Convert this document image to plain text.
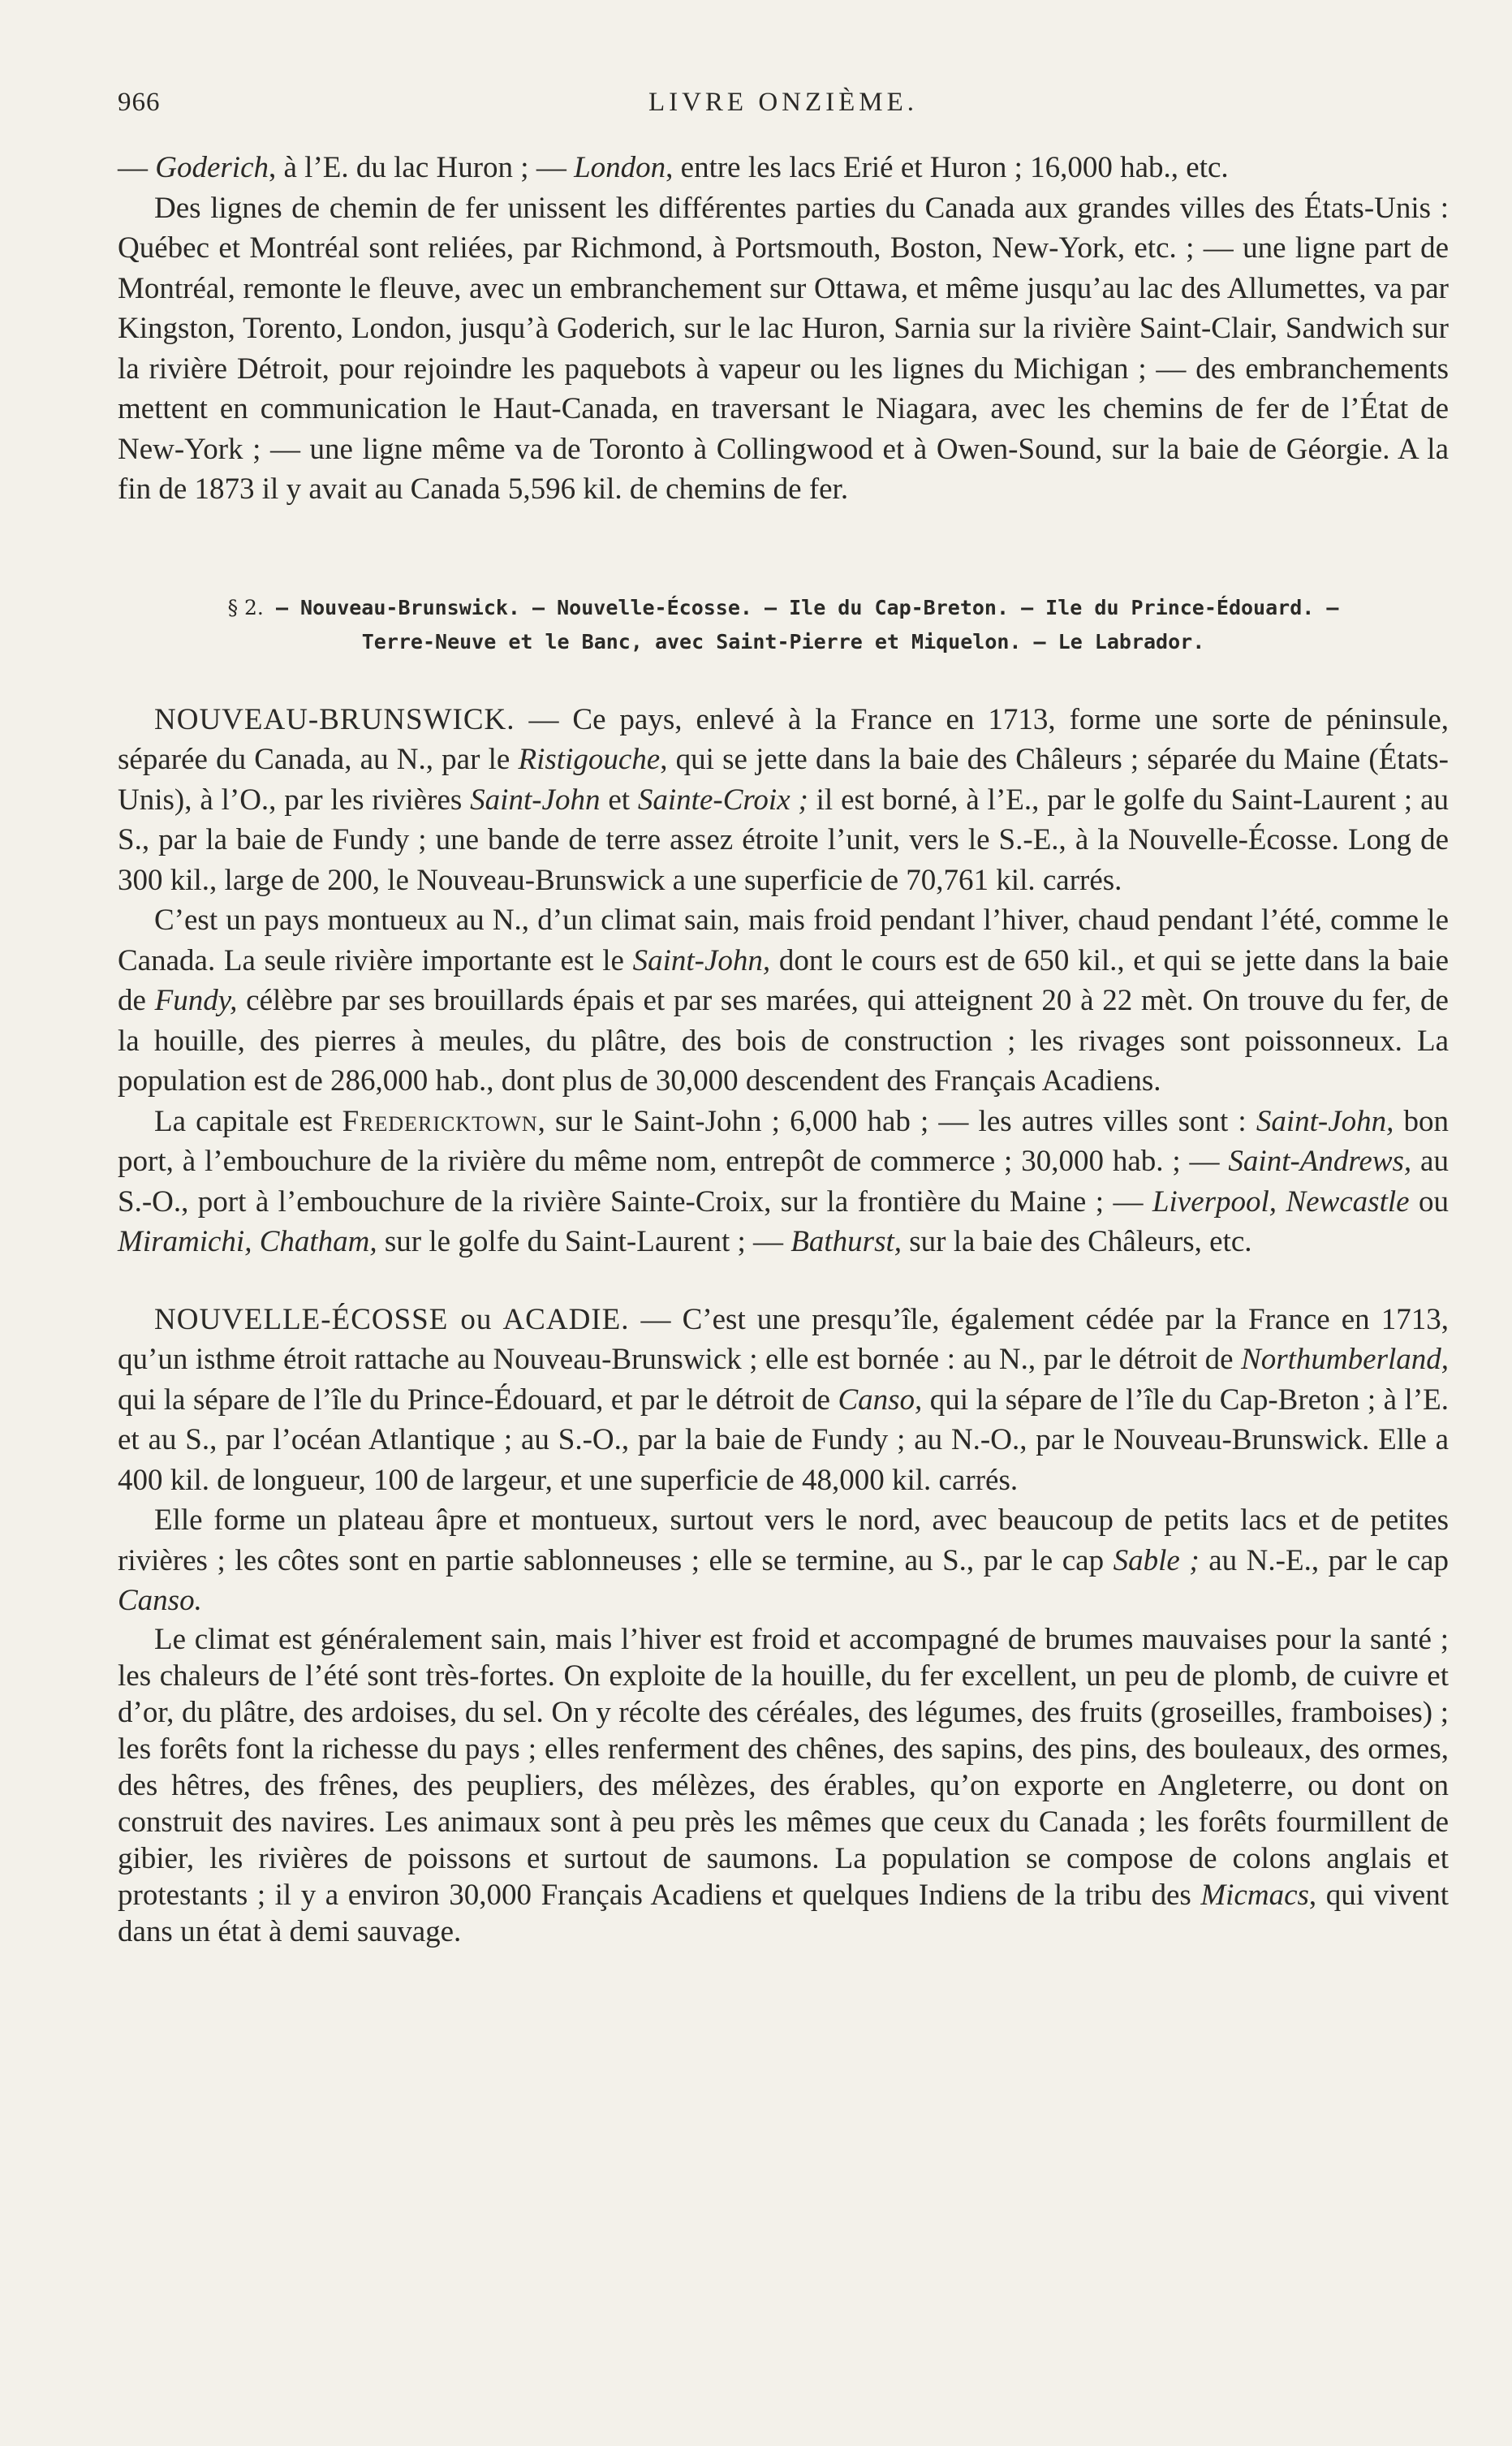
966	LIVRE ONZIÈME.

— Goderich, à l’E. du lac Huron ; — London, entre les lacs Erié et Huron ; 16,000 hab., etc.

Des lignes de chemin de fer unissent les différentes parties du Canada aux grandes villes des États-Unis : Québec et Montréal sont reliées, par Richmond, à Portsmouth, Boston, New-York, etc. ; — une ligne part de Montréal, remonte le fleuve, avec un embranchement sur Ottawa, et même jusqu’au lac des Allumettes, va par Kingston, Torento, London, jusqu’à Goderich, sur le lac Huron, Sarnia sur la rivière Saint-Clair, Sandwich sur la rivière Détroit, pour rejoindre les paquebots à vapeur ou les lignes du Michigan ; — des embranchements mettent en communication le Haut-Canada, en traversant le Niagara, avec les chemins de fer de l’État de New-York ; — une ligne même va de Toronto à Collingwood et à Owen-Sound, sur la baie de Géorgie. A la fin de 1873 il y avait au Canada 5,596 kil. de chemins de fer.

§ 2. — Nouveau-Brunswick. — Nouvelle-Écosse. — Ile du Cap-Breton. — Ile du Prince-Édouard. —
Terre-Neuve et le Banc, avec Saint-Pierre et Miquelon. — Le Labrador.

NOUVEAU-BRUNSWICK. — Ce pays, enlevé à la France en 1713, forme une sorte de péninsule, séparée du Canada, au N., par le Ristigouche, qui se jette dans la baie des Châleurs ; séparée du Maine (États-Unis), à l’O., par les rivières Saint-John et Sainte-Croix ; il est borné, à l’E., par le golfe du Saint-Laurent ; au S., par la baie de Fundy ; une bande de terre assez étroite l’unit, vers le S.-E., à la Nouvelle-Écosse. Long de 300 kil., large de 200, le Nouveau-Brunswick a une superficie de 70,761 kil. carrés.

C’est un pays montueux au N., d’un climat sain, mais froid pendant l’hiver, chaud pendant l’été, comme le Canada. La seule rivière importante est le Saint-John, dont le cours est de 650 kil., et qui se jette dans la baie de Fundy, célèbre par ses brouillards épais et par ses marées, qui atteignent 20 à 22 mèt. On trouve du fer, de la houille, des pierres à meules, du plâtre, des bois de construction ; les rivages sont poissonneux. La population est de 286,000 hab., dont plus de 30,000 descendent des Français Acadiens.

La capitale est Fredericktown, sur le Saint-John ; 6,000 hab ; — les autres villes sont : Saint-John, bon port, à l’embouchure de la rivière du même nom, entrepôt de commerce ; 30,000 hab. ; — Saint-Andrews, au S.-O., port à l’embouchure de la rivière Sainte-Croix, sur la frontière du Maine ; — Liverpool, Newcastle ou Miramichi, Chatham, sur le golfe du Saint-Laurent ; — Bathurst, sur la baie des Châleurs, etc.

NOUVELLE-ÉCOSSE ou ACADIE. — C’est une presqu’île, également cédée par la France en 1713, qu’un isthme étroit rattache au Nouveau-Brunswick ; elle est bornée : au N., par le détroit de Northumberland, qui la sépare de l’île du Prince-Édouard, et par le détroit de Canso, qui la sépare de l’île du Cap-Breton ; à l’E. et au S., par l’océan Atlantique ; au S.-O., par la baie de Fundy ; au N.-O., par le Nouveau-Brunswick. Elle a 400 kil. de longueur, 100 de largeur, et une superficie de 48,000 kil. carrés.

Elle forme un plateau âpre et montueux, surtout vers le nord, avec beaucoup de petits lacs et de petites rivières ; les côtes sont en partie sablonneuses ; elle se termine, au S., par le cap Sable ; au N.-E., par le cap Canso.

Le climat est généralement sain, mais l’hiver est froid et accompagné de brumes mauvaises pour la santé ; les chaleurs de l’été sont très-fortes. On exploite de la houille, du fer excellent, un peu de plomb, de cuivre et d’or, du plâtre, des ardoises, du sel. On y récolte des céréales, des légumes, des fruits (groseilles, framboises) ; les forêts font la richesse du pays ; elles renferment des chênes, des sapins, des pins, des bouleaux, des ormes, des hêtres, des frênes, des peupliers, des mélèzes, des érables, qu’on exporte en Angleterre, ou dont on construit des navires. Les animaux sont à peu près les mêmes que ceux du Canada ; les forêts fourmillent de gibier, les rivières de poissons et surtout de saumons. La population se compose de colons anglais et protestants ; il y a environ 30,000 Français Acadiens et quelques Indiens de la tribu des Micmacs, qui vivent dans un état à demi sauvage.
